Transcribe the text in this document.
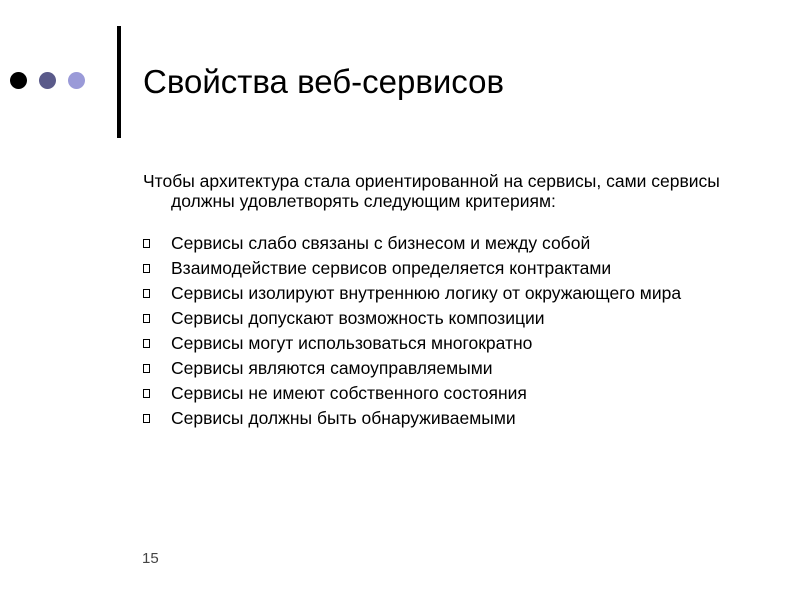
Свойства веб-сервисов

Чтобы архитектура стала ориентированной на сервисы, сами сервисы должны удовлетворять следующим критериям:

Сервисы слабо связаны с бизнесом и между собой
Взаимодействие сервисов определяется контрактами
Сервисы изолируют внутреннюю логику от окружающего мира
Сервисы допускают возможность композиции
Сервисы могут использоваться многократно
Сервисы являются самоуправляемыми
Сервисы не имеют собственного состояния
Сервисы должны быть обнаруживаемыми
15
